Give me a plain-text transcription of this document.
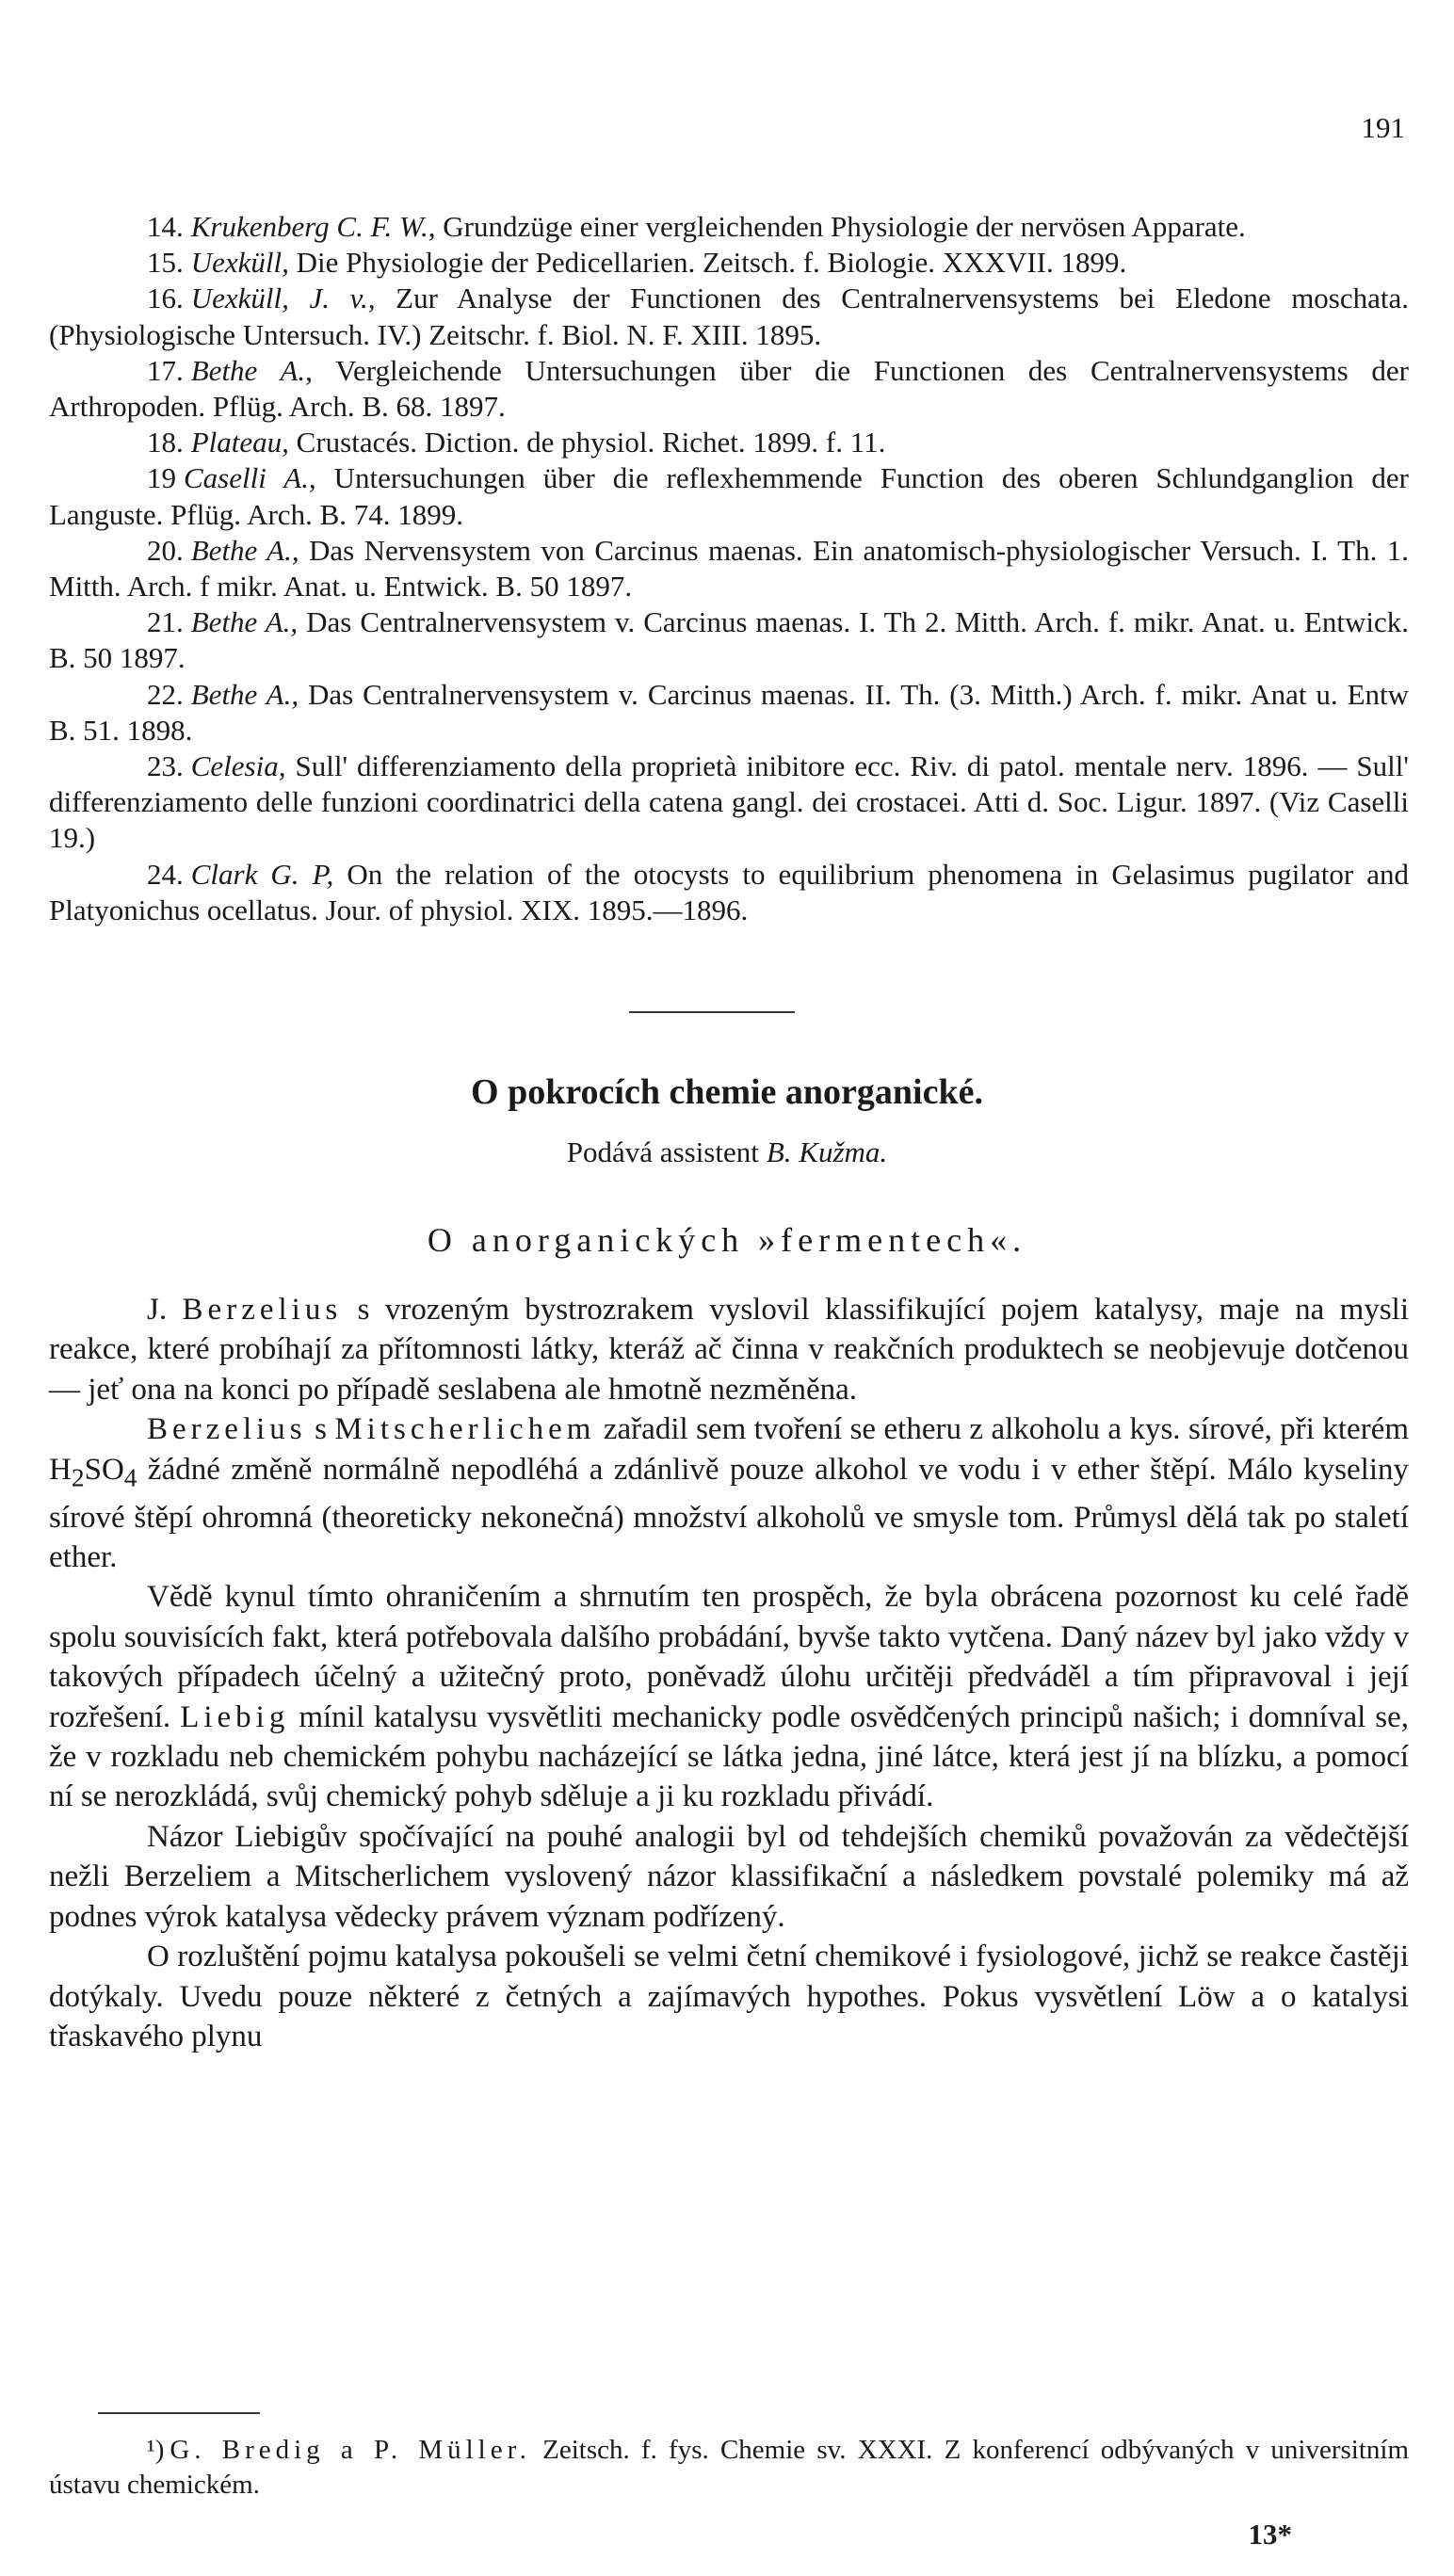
191

14. Krukenberg C. F. W., Grundzüge einer vergleichenden Physiologie der nervösen Apparate.

15. Uexküll, Die Physiologie der Pedicellarien. Zeitsch. f. Biologie. XXXVII. 1899.

16. Uexküll, J. v., Zur Analyse der Functionen des Centralnervensystems bei Eledone moschata. (Physiologische Untersuch. IV.) Zeitschr. f. Biol. N. F. XIII. 1895.

17. Bethe A., Vergleichende Untersuchungen über die Functionen des Centralnervensystems der Arthropoden. Pflüg. Arch. B. 68. 1897.

18. Plateau, Crustacés. Diction. de physiol. Richet. 1899. f. 11.

19 Caselli A., Untersuchungen über die reflexhemmende Function des oberen Schlundganglion der Languste. Pflüg. Arch. B. 74. 1899.

20. Bethe A., Das Nervensystem von Carcinus maenas. Ein anatomisch-physiologischer Versuch. I. Th. 1. Mitth. Arch. f mikr. Anat. u. Entwick. B. 50 1897.

21. Bethe A., Das Centralnervensystem v. Carcinus maenas. I. Th 2. Mitth. Arch. f. mikr. Anat. u. Entwick. B. 50 1897.

22. Bethe A., Das Centralnervensystem v. Carcinus maenas. II. Th. (3. Mitth.) Arch. f. mikr. Anat u. Entw B. 51. 1898.

23. Celesia, Sull' differenziamento della proprietà inibitore ecc. Riv. di patol. mentale nerv. 1896. — Sull' differenziamento delle funzioni coordinatrici della catena gangl. dei crostacei. Atti d. Soc. Ligur. 1897. (Viz Caselli 19.)

24. Clark G. P, On the relation of the otocysts to equilibrium phenomena in Gelasimus pugilator and Platyonichus ocellatus. Jour. of physiol. XIX. 1895.—1896.

O pokrocích chemie anorganické.
Podává assistent B. Kužma.
O anorganických »fermentech«.

J. Berzelius s vrozeným bystrozrakem vyslovil klassifikující pojem katalysy, maje na mysli reakce, které probíhají za přítomnosti látky, kteráž ač činna v reakčních produktech se neobjevuje dotčenou — jeť ona na konci po případě seslabena ale hmotně nezměněna.

Berzelius s Mitscherlichem zařadil sem tvoření se etheru z alkoholu a kys. sírové, při kterém $H_2SO_4$ žádné změně normálně nepodléhá a zdánlivě pouze alkohol ve vodu i v ether štěpí. Málo kyseliny sírové štěpí ohromná (theoreticky nekonečná) množství alkoholů ve smysle tom. Průmysl dělá tak po staletí ether.

Vědě kynul tímto ohraničením a shrnutím ten prospěch, že byla obrácena pozornost ku celé řadě spolu souvisících fakt, která potřebovala dalšího probádání, byvše takto vytčena. Daný název byl jako vždy v takových případech účelný a užitečný proto, poněvadž úlohu určitěji předváděl a tím připravoval i její rozřešení. Liebig mínil katalysu vysvětliti mechanicky podle osvědčených principů našich; i domníval se, že v rozkladu neb chemickém pohybu nacházející se látka jedna, jiné látce, která jest jí na blízku, a pomocí ní se nerozkládá, svůj chemický pohyb sděluje a ji ku rozkladu přivádí.

Názor Liebigův spočívající na pouhé analogii byl od tehdejších chemiků považován za vědečtější nežli Berzeliem a Mitscherlichem vyslovený názor klassifikační a následkem povstalé polemiky má až podnes výrok katalysa vědecky právem význam podřízený.

O rozluštění pojmu katalysa pokoušeli se velmi četní chemikové i fysiologové, jichž se reakce častěji dotýkaly. Uvedu pouze některé z četných a zajímavých hypothes. Pokus vysvětlení Löw a o katalysi třaskavého plynu

¹) G. Bredig a P. Müller. Zeitsch. f. fys. Chemie sv. XXXI. Z konferencí odbývaných v universitním ústavu chemickém.

13*
